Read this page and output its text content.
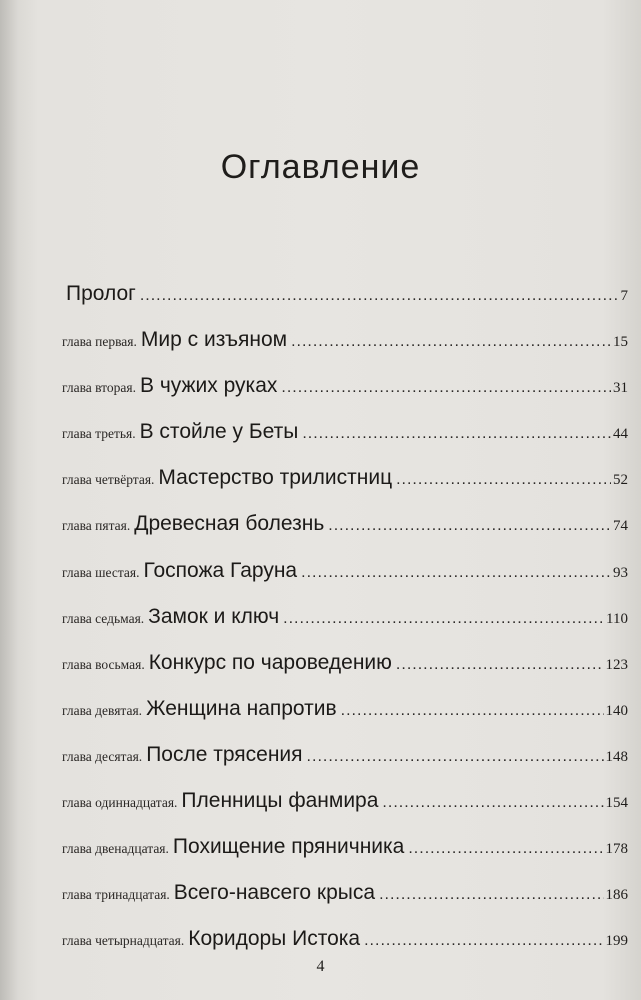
Оглавление
Пролог .....	7
глава первая. Мир с изъяном .....	15
глава вторая. В чужих руках .....	31
глава третья. В стойле у Беты .....	44
глава четвёртая. Мастерство трилистниц .....	52
глава пятая. Древесная болезнь .....	74
глава шестая. Госпожа Гаруна .....	93
глава седьмая. Замок и ключ .....	110
глава восьмая. Конкурс по чароведению .....	123
глава девятая. Женщина напротив .....	140
глава десятая. После трясения .....	148
глава одиннадцатая. Пленницы фанмира .....	154
глава двенадцатая. Похищение пряничника .....	178
глава тринадцатая. Всего-навсего крыса .....	186
глава четырнадцатая. Коридоры Истока .....	199
4
